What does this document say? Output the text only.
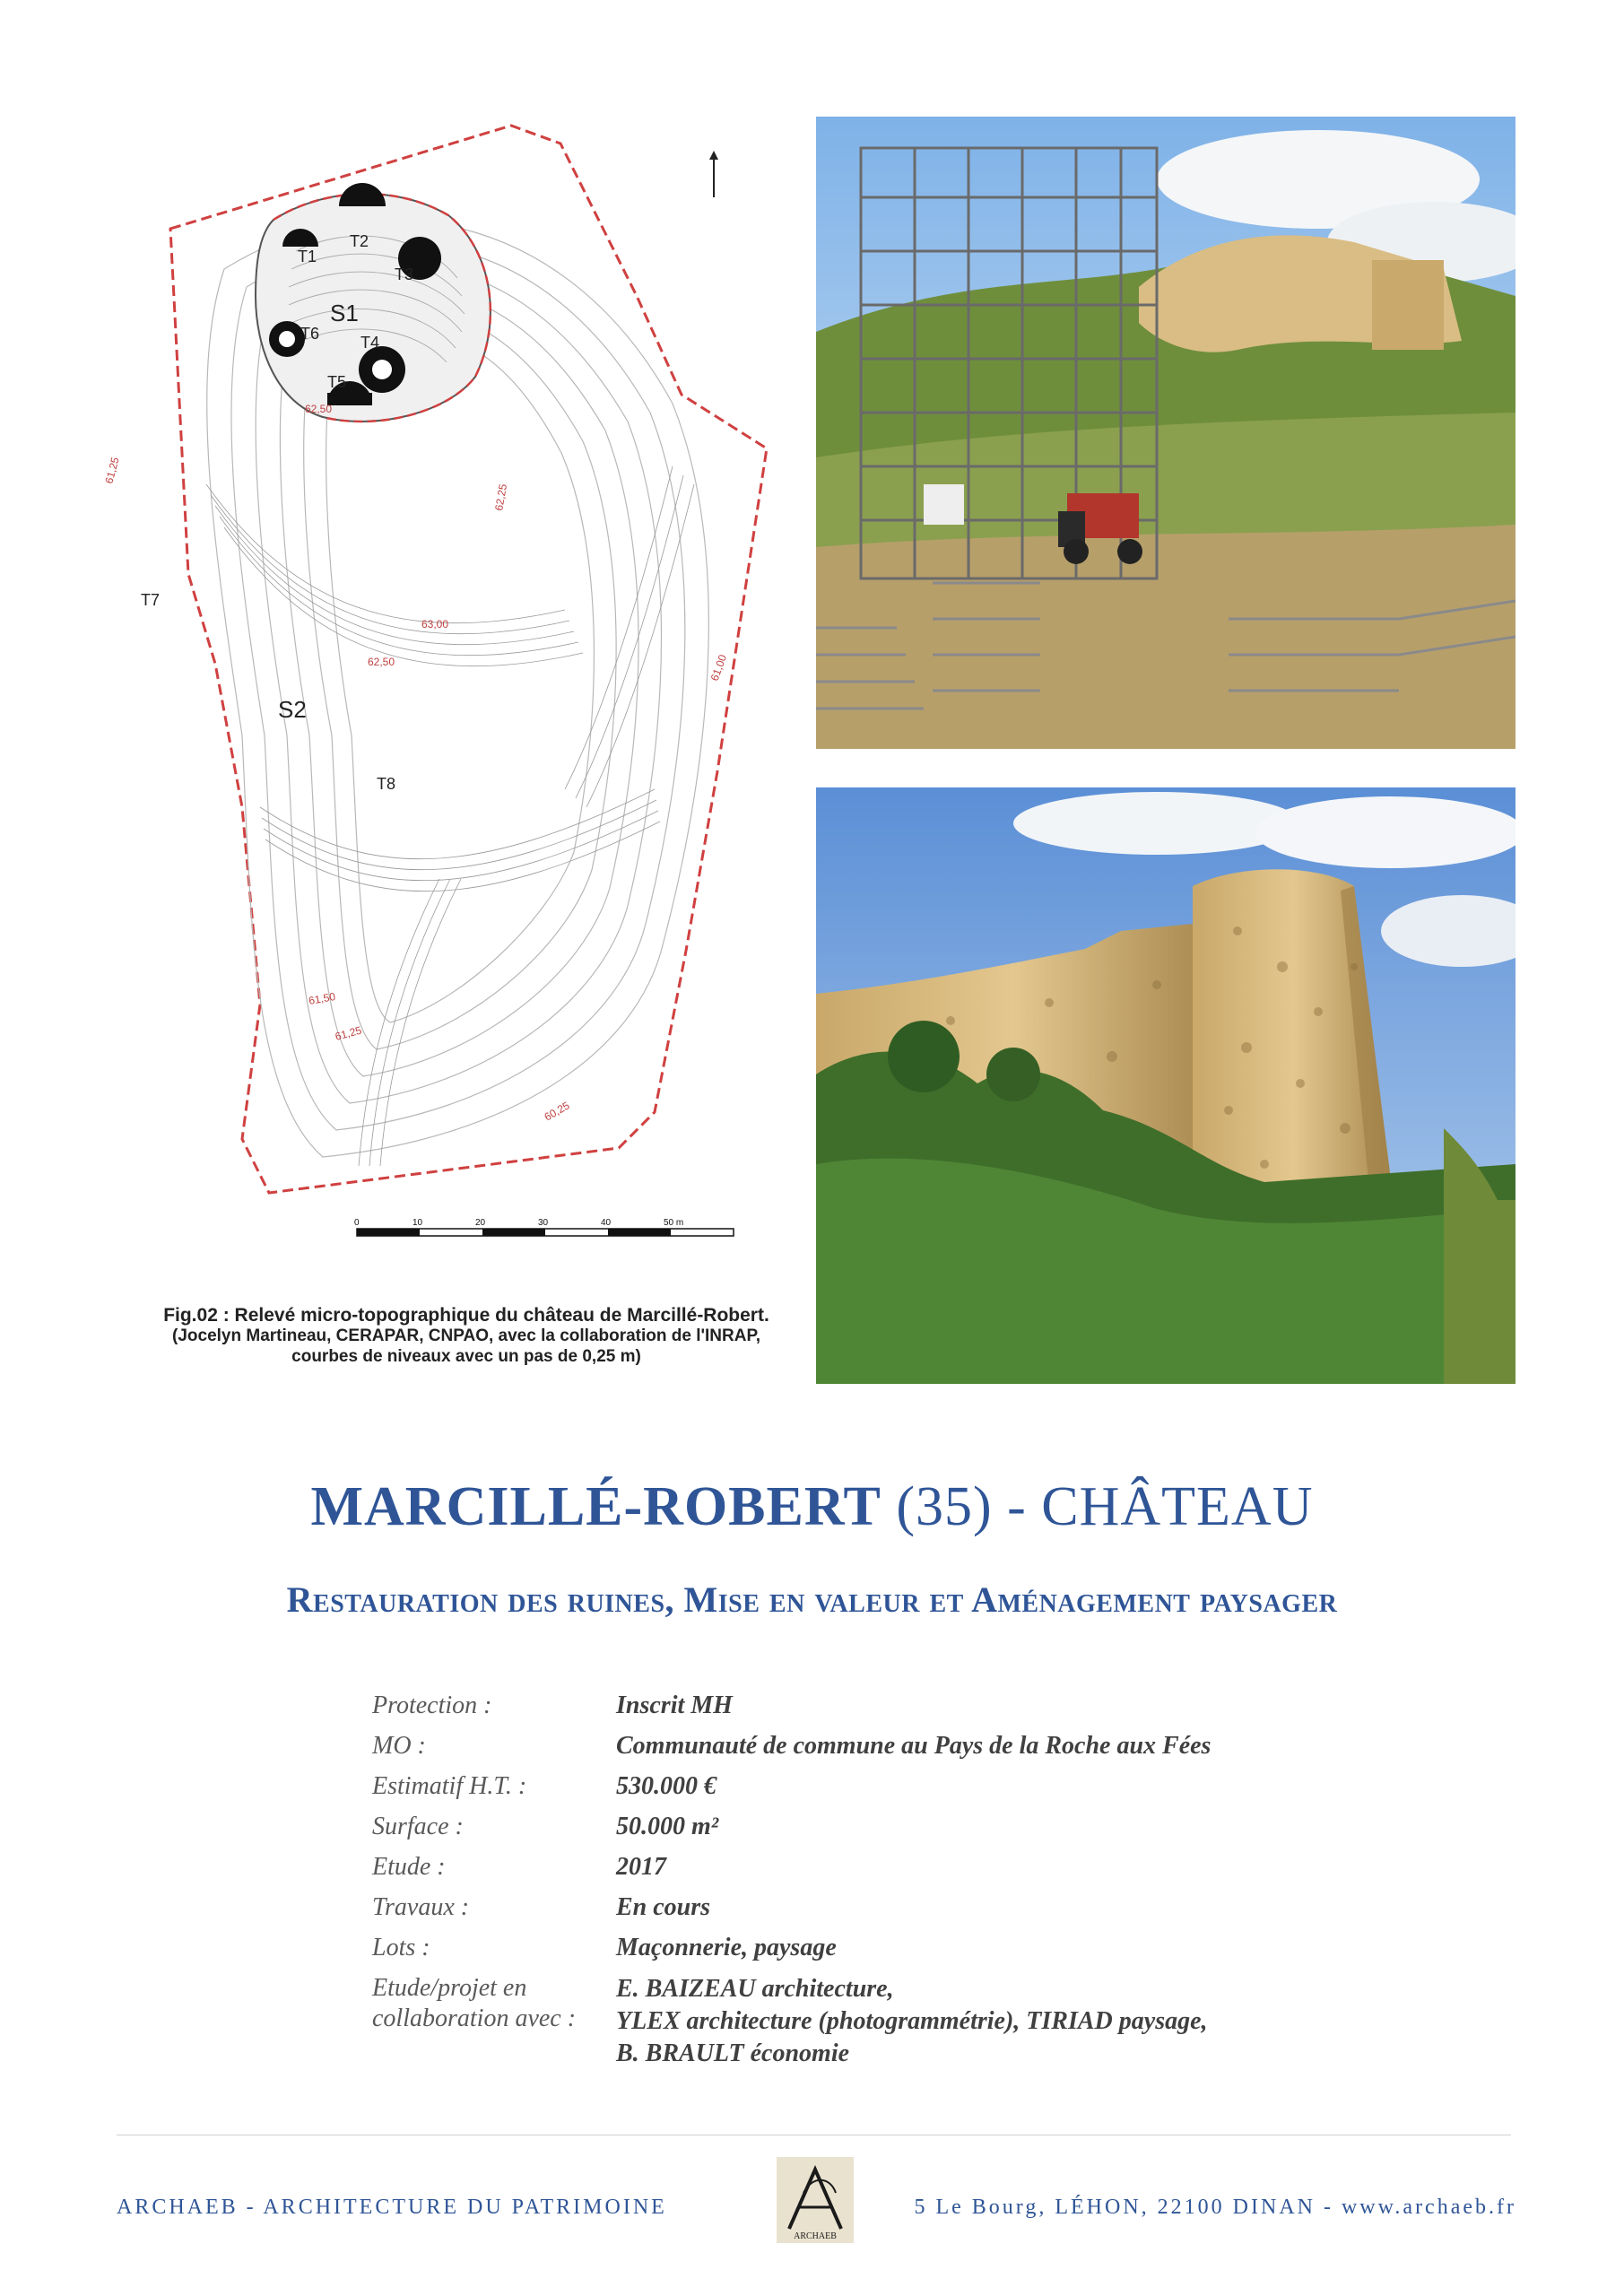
T1
T2
T3
T4
T5
T6
S1
T7
S2
T8
61,25
62,25
62,50
63,00
62,50	61,00
61,50
61,25
60,25
0	10	20	30	40	50 m
Fig.02 : Relevé micro-topographique du château de Marcillé-Robert.
(Jocelyn Martineau, CERAPAR, CNPAO, avec la collaboration de l'INRAP,
courbes de niveaux avec un pas de 0,25 m)
MARCILLÉ-ROBERT (35) - CHÂTEAU
Restauration des ruines, Mise en valeur et Aménagement paysager
Protection :	Inscrit MH
MO :	Communauté de commune au Pays de la Roche aux Fées
Estimatif H.T. :	530.000 €
Surface :	50.000 m²
Etude :	2017
Travaux :	En cours
Lots :	Maçonnerie, paysage
Etude/projet en
collaboration avec :
E. BAIZEAU architecture,
YLEX architecture (photogrammétrie), TIRIAD paysage,
B. BRAULT économie
ARCHAEB - ARCHITECTURE DU PATRIMOINE
ARCHAEB
5 Le Bourg, LÉHON, 22100 DINAN - www.archaeb.fr
